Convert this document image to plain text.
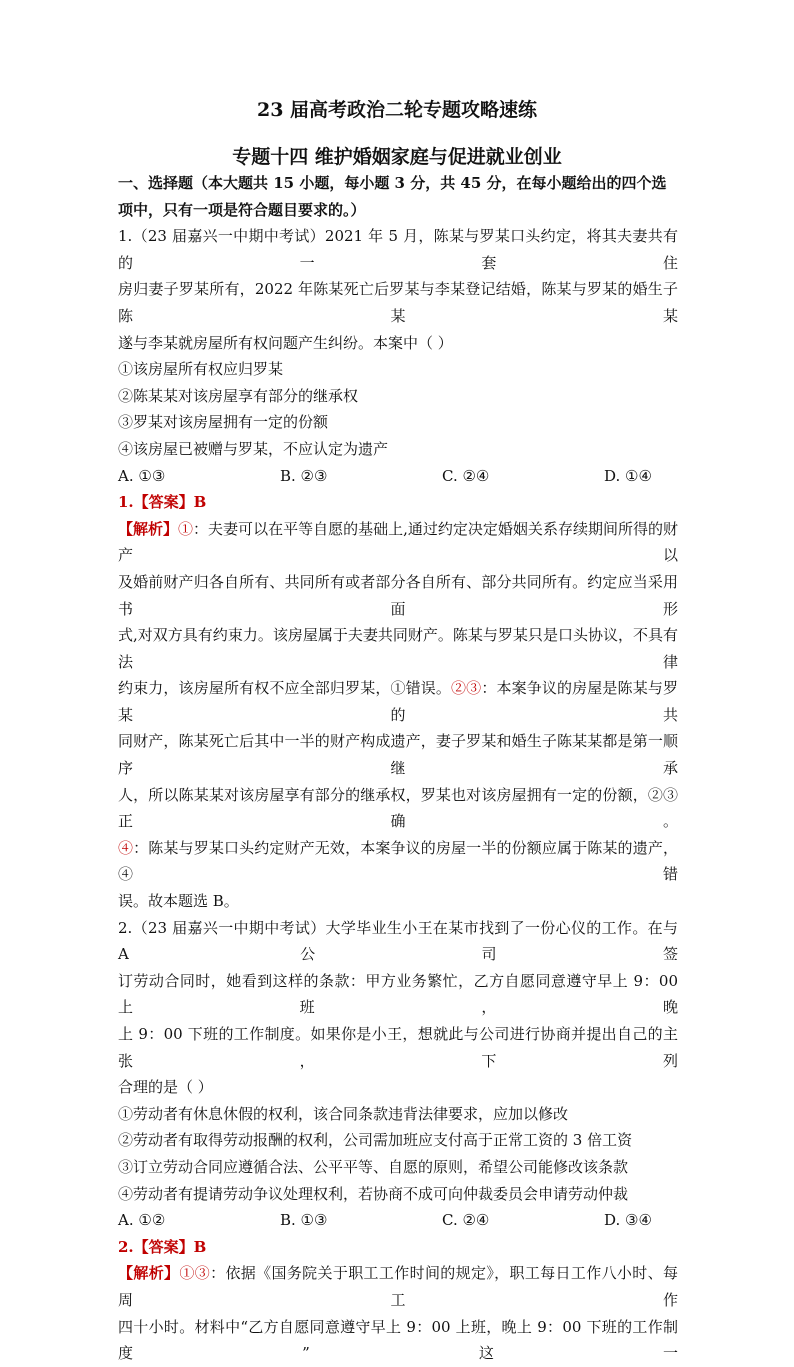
23 届高考政治二轮专题攻略速练
专题十四 维护婚姻家庭与促进就业创业
一、选择题（本大题共 15 小题，每小题 3 分，共 45 分，在每小题给出的四个选项中，只有一项是符合题目要求的。）
1.（23 届嘉兴一中期中考试）2021 年 5 月，陈某与罗某口头约定，将其夫妻共有的一套住
房归妻子罗某所有，2022 年陈某死亡后罗某与李某登记结婚，陈某与罗某的婚生子陈某某
遂与李某就房屋所有权问题产生纠纷。本案中（ ）
①该房屋所有权应归罗某
②陈某某对该房屋享有部分的继承权
③罗某对该房屋拥有一定的份额
④该房屋已被赠与罗某，不应认定为遗产
A. ①③	B. ②③	C. ②④	D. ①④
1.【答案】B
【解析】①：夫妻可以在平等自愿的基础上,通过约定决定婚姻关系存续期间所得的财产以
及婚前财产归各自所有、共同所有或者部分各自所有、部分共同所有。约定应当采用书面形
式,对双方具有约束力。该房屋属于夫妻共同财产。陈某与罗某只是口头协议，不具有法律
约束力，该房屋所有权不应全部归罗某，①错误。②③：本案争议的房屋是陈某与罗某的共
同财产，陈某死亡后其中一半的财产构成遗产，妻子罗某和婚生子陈某某都是第一顺序继承
人，所以陈某某对该房屋享有部分的继承权，罗某也对该房屋拥有一定的份额，②③正确。
④：陈某与罗某口头约定财产无效，本案争议的房屋一半的份额应属于陈某的遗产，④错
误。故本题选 B。
2.（23 届嘉兴一中期中考试）大学毕业生小王在某市找到了一份心仪的工作。在与 A 公司签
订劳动合同时，她看到这样的条款：甲方业务繁忙，乙方自愿同意遵守早上 9：00 上班，晚
上 9：00 下班的工作制度。如果你是小王，想就此与公司进行协商并提出自己的主张，下列
合理的是（ ）
①劳动者有休息休假的权利，该合同条款违背法律要求，应加以修改
②劳动者有取得劳动报酬的权利，公司需加班应支付高于正常工资的 3 倍工资
③订立劳动合同应遵循合法、公平平等、自愿的原则，希望公司能修改该条款
④劳动者有提请劳动争议处理权利，若协商不成可向仲裁委员会申请劳动仲裁
A. ①②	B. ①③	C. ②④	D. ③④
2.【答案】B
【解析】①③：依据《国务院关于职工工作时间的规定》，职工每日工作八小时、每周工作
四十小时。材料中“乙方自愿同意遵守早上 9：00 上班，晚上 9：00 下班的工作制度”这一
